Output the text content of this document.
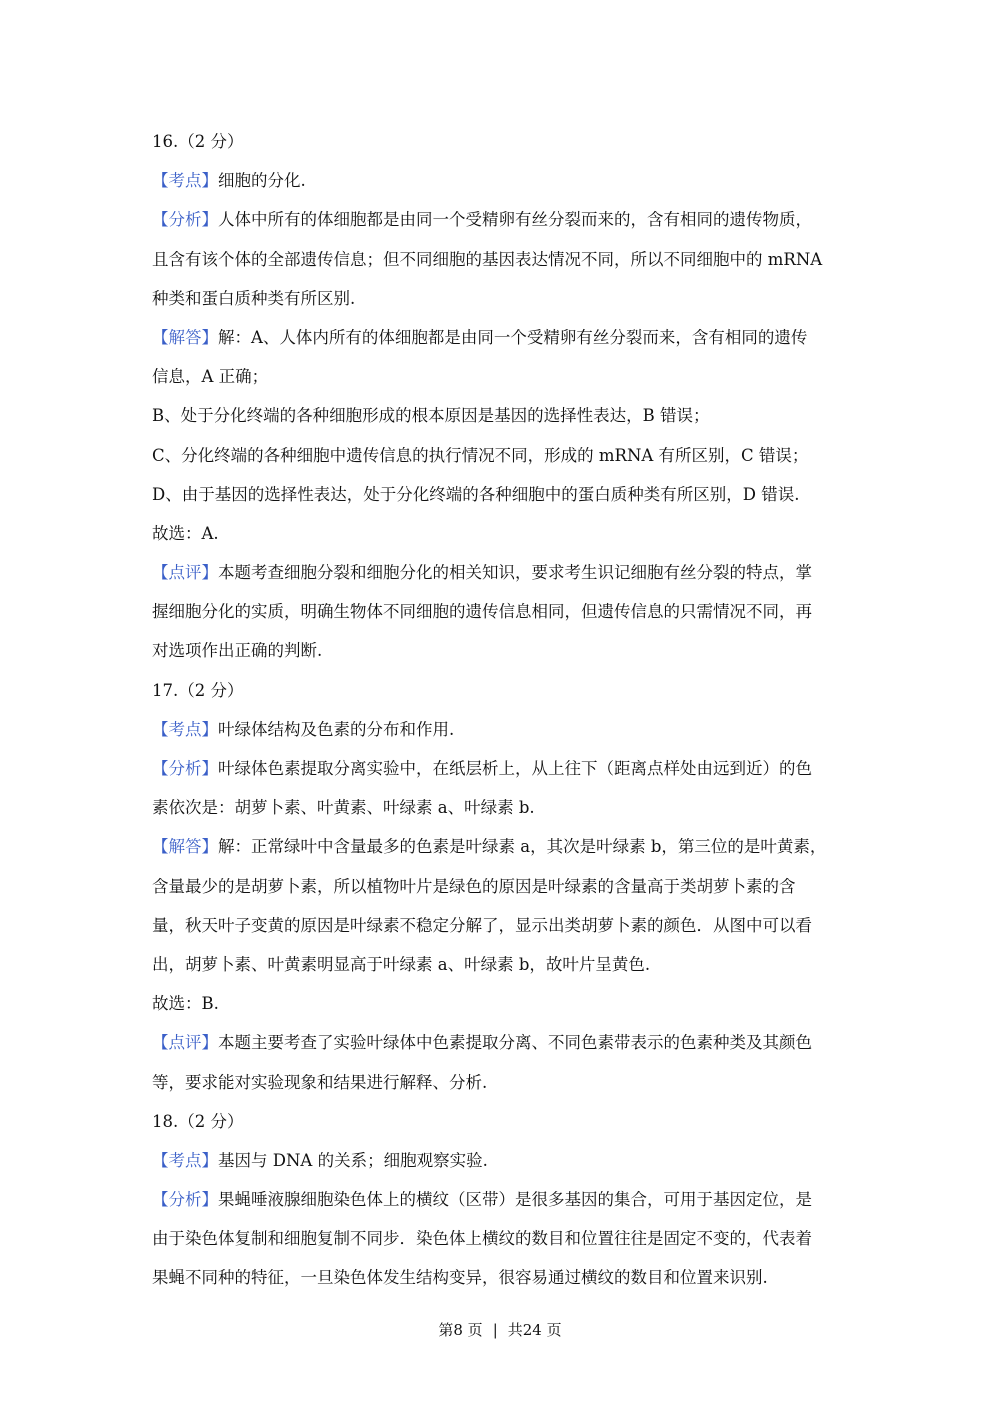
16.（2 分）
【考点】细胞的分化.
【分析】人体中所有的体细胞都是由同一个受精卵有丝分裂而来的，含有相同的遗传物质，
且含有该个体的全部遗传信息；但不同细胞的基因表达情况不同，所以不同细胞中的 mRNA
种类和蛋白质种类有所区别.
【解答】解：A、人体内所有的体细胞都是由同一个受精卵有丝分裂而来，含有相同的遗传
信息，A 正确；
B、处于分化终端的各种细胞形成的根本原因是基因的选择性表达，B 错误；
C、分化终端的各种细胞中遗传信息的执行情况不同，形成的 mRNA 有所区别，C 错误；
D、由于基因的选择性表达，处于分化终端的各种细胞中的蛋白质种类有所区别，D 错误.
故选：A.
【点评】本题考查细胞分裂和细胞分化的相关知识，要求考生识记细胞有丝分裂的特点，掌
握细胞分化的实质，明确生物体不同细胞的遗传信息相同，但遗传信息的只需情况不同，再
对选项作出正确的判断.
17.（2 分）
【考点】叶绿体结构及色素的分布和作用.
【分析】叶绿体色素提取分离实验中，在纸层析上，从上往下（距离点样处由远到近）的色
素依次是：胡萝卜素、叶黄素、叶绿素 a、叶绿素 b.
【解答】解：正常绿叶中含量最多的色素是叶绿素 a，其次是叶绿素 b，第三位的是叶黄素，
含量最少的是胡萝卜素，所以植物叶片是绿色的原因是叶绿素的含量高于类胡萝卜素的含
量，秋天叶子变黄的原因是叶绿素不稳定分解了，显示出类胡萝卜素的颜色．从图中可以看
出，胡萝卜素、叶黄素明显高于叶绿素 a、叶绿素 b，故叶片呈黄色.
故选：B.
【点评】本题主要考查了实验叶绿体中色素提取分离、不同色素带表示的色素种类及其颜色
等，要求能对实验现象和结果进行解释、分析.
18.（2 分）
【考点】基因与 DNA 的关系；细胞观察实验.
【分析】果蝇唾液腺细胞染色体上的横纹（区带）是很多基因的集合，可用于基因定位，是
由于染色体复制和细胞复制不同步．染色体上横纹的数目和位置往往是固定不变的，代表着
果蝇不同种的特征，一旦染色体发生结构变异，很容易通过横纹的数目和位置来识别.
第8 页 | 共24 页
